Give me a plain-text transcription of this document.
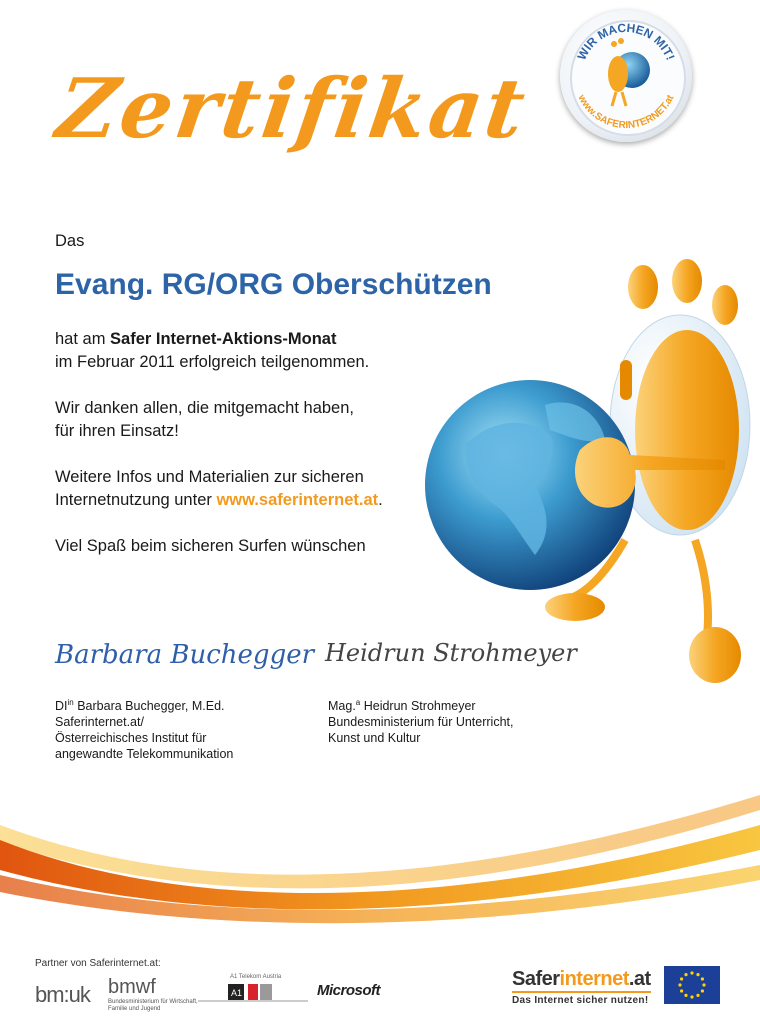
Zertifikat
WIR MACHEN MIT!
www.SAFERINTERNET.at
Das
Evang. RG/ORG Oberschützen
hat am Safer Internet-Aktions-Monat
im Februar 2011 erfolgreich teilgenommen.
Wir danken allen, die mitgemacht haben,
für ihren Einsatz!
Weitere Infos und Materialien zur sicheren
Internetnutzung unter www.saferinternet.at.
Viel Spaß beim sicheren Surfen wünschen
Barbara Buchegger Heidrun Strohmeyer
$DI^{in}$ Barbara Buchegger, M.Ed.
Saferinternet.at/
Österreichisches Institut für
angewandte Telekommunikation
Mag.$^a$ Heidrun Strohmeyer
Bundesministerium für Unterricht,
Kunst und Kultur
Partner von Saferinternet.at:
bm:uk bmwf
Bundesministerium für Wirtschaft, Familie und Jugend
A1 Telekom Austria
A1	Microsoft
Saferinternet.at
Das Internet sicher nutzen!
